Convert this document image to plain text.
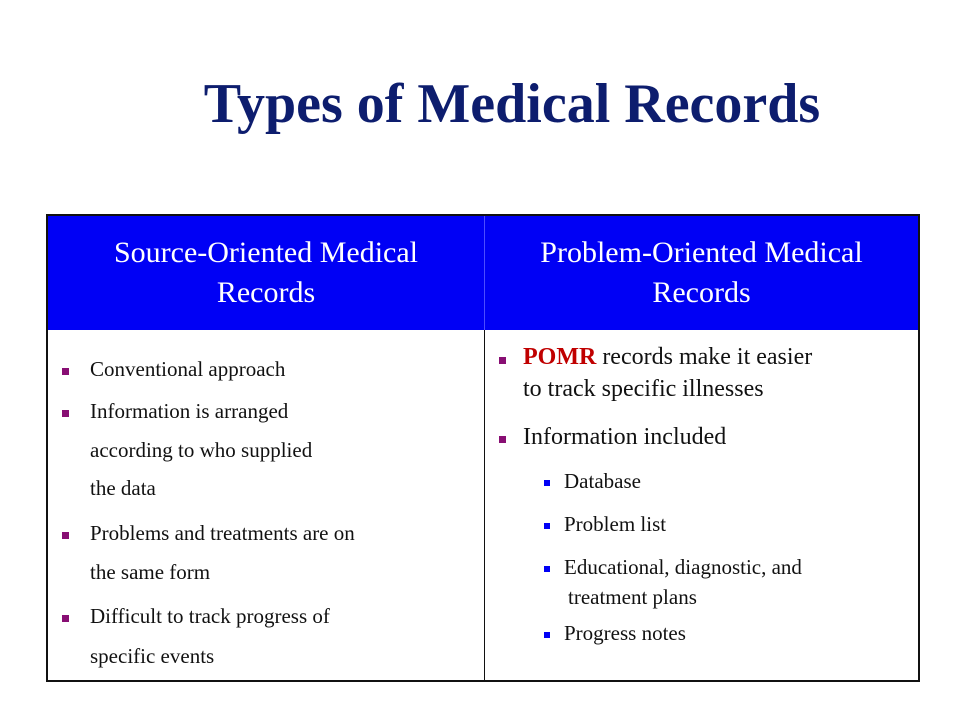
Types of Medical Records
Source-Oriented Medical
Records
Problem-Oriented Medical
Records
Conventional approach
Information is arranged
according to who supplied
the data
Problems and treatments are on
the same form
Difficult to track progress of
specific events
POMR records make it easier
to track specific illnesses
Information included
Database
Problem list
Educational, diagnostic, and
treatment plans
Progress notes
